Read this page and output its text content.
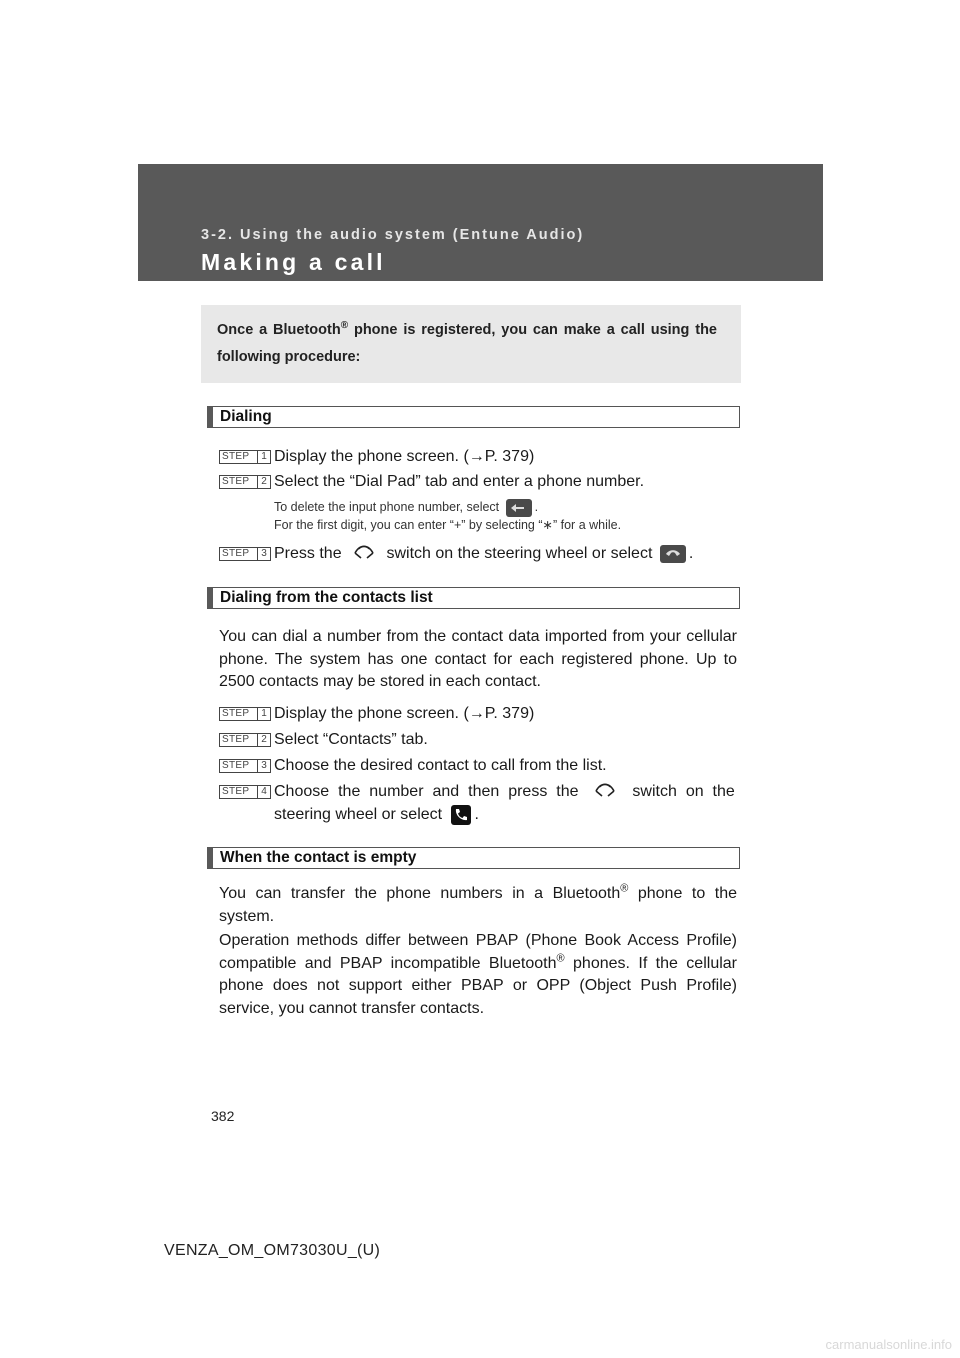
3-2. Using the audio system (Entune Audio)
Making a call

Once a Bluetooth® phone is registered, you can make a call using the following procedure:

Dialing
STEP	1 Display the phone screen. (→P. 379)
STEP	2 Select the “Dial Pad” tab and enter a phone number.
To delete the input phone number, select	.
For the first digit, you can enter “+” by selecting “∗” for a while.
STEP	3 Press the  switch on the steering wheel or select
.
Dialing from the contacts list

You can dial a number from the contact data imported from your cellular phone. The system has one contact for each registered phone. Up to 2500 contacts may be stored in each contact.

STEP	1 Display the phone screen. (→P. 379)
STEP	2 Select “Contacts” tab.
STEP	3 Choose the desired contact to call from the list.
STEP	4 Choose the number and then press the  switch on the
steering wheel or select
.
When the contact is empty

You can transfer the phone numbers in a Bluetooth® phone to the system.

Operation methods differ between PBAP (Phone Book Access Profile) compatible and PBAP incompatible Bluetooth® phones. If the cellular phone does not support either PBAP or OPP (Object Push Profile) service, you cannot transfer contacts.

382
VENZA_OM_OM73030U_(U)
carmanualsonline.info
